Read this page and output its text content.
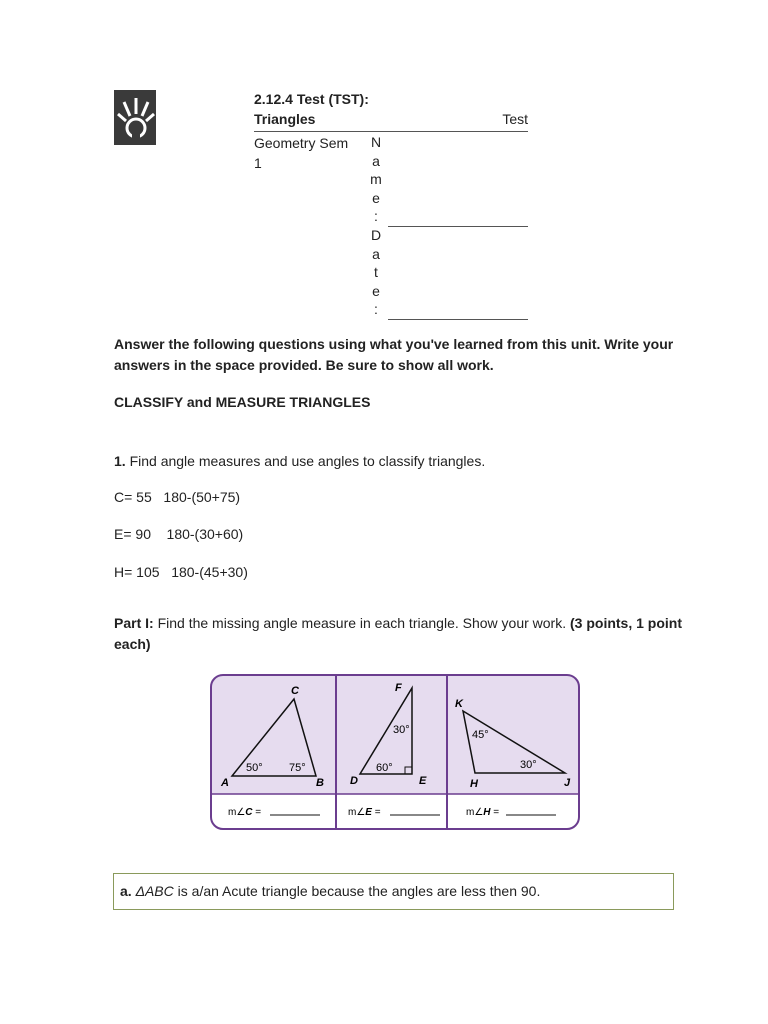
2.12.4 Test (TST):
Triangles	Test
Geometry Sem
1
N
a
m
e
:
D
a
t
e
:
Answer the following questions using what you've learned from this unit. Write your answers in the space provided. Be sure to show all work.
CLASSIFY and MEASURE TRIANGLES
1. Find angle measures and use angles to classify triangles.
C= 55   180-(50+75)
E= 90    180-(30+60)
H= 105   180-(45+30)
Part I: Find the missing angle measure in each triangle. Show your work. (3 points, 1 point each)
A	B
C
50° 75°
D	E
F
60°
30°
K
H	J
45°
30°
m∠C =	m∠E =	m∠H =
a. ΔABC is a/an Acute triangle because the angles are less then 90.
